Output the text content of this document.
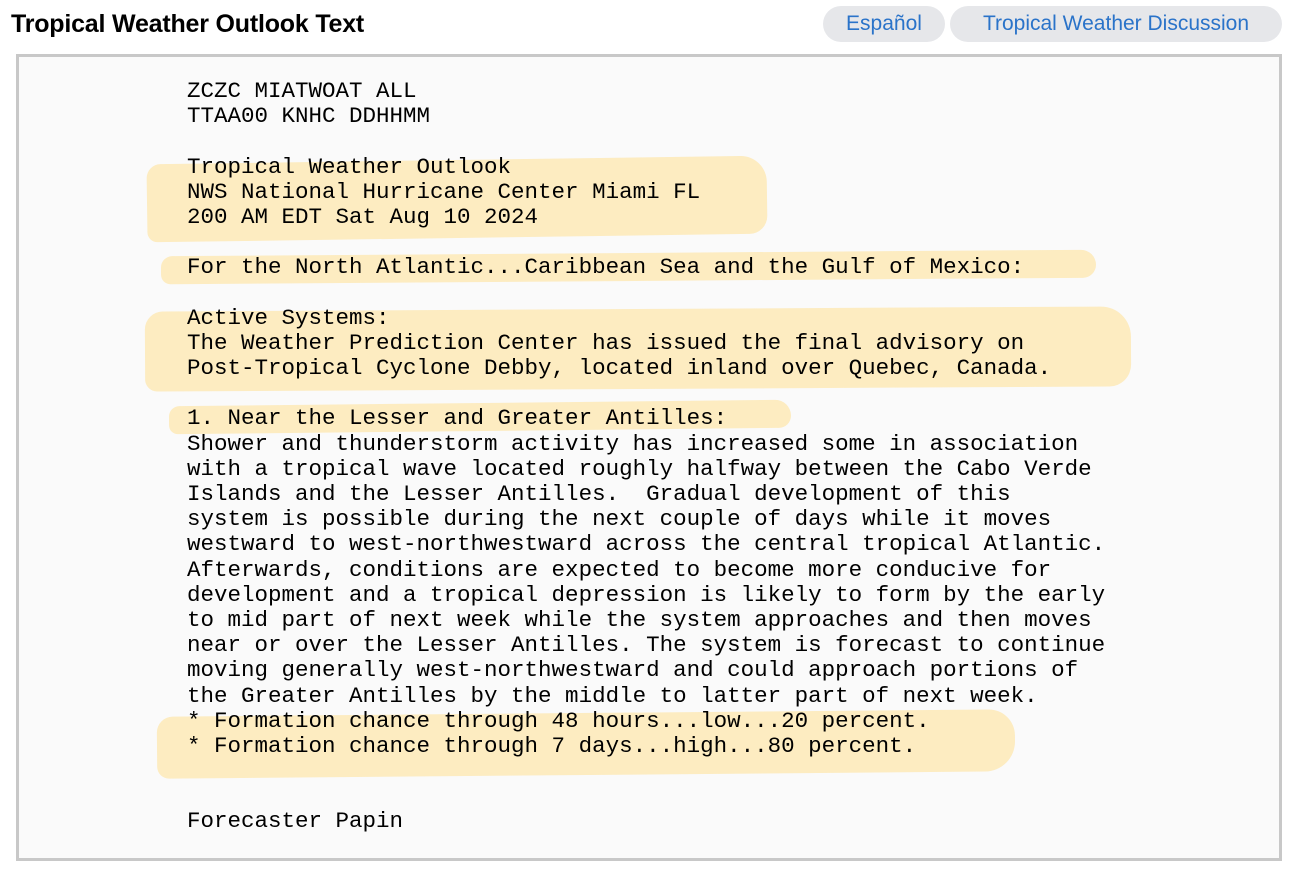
Tropical Weather Outlook Text	Español	Tropical Weather Discussion
ZCZC MIATWOAT ALL
TTAA00 KNHC DDHHMM
Tropical Weather Outlook
NWS National Hurricane Center Miami FL
200 AM EDT Sat Aug 10 2024
For the North Atlantic...Caribbean Sea and the Gulf of Mexico:
Active Systems:
The Weather Prediction Center has issued the final advisory on
Post-Tropical Cyclone Debby, located inland over Quebec, Canada.
1. Near the Lesser and Greater Antilles:
Shower and thunderstorm activity has increased some in association
with a tropical wave located roughly halfway between the Cabo Verde
Islands and the Lesser Antilles.  Gradual development of this
system is possible during the next couple of days while it moves
westward to west-northwestward across the central tropical Atlantic.
Afterwards, conditions are expected to become more conducive for
development and a tropical depression is likely to form by the early
to mid part of next week while the system approaches and then moves
near or over the Lesser Antilles. The system is forecast to continue
moving generally west-northwestward and could approach portions of
the Greater Antilles by the middle to latter part of next week.
* Formation chance through 48 hours...low...20 percent.
* Formation chance through 7 days...high...80 percent.
Forecaster Papin
